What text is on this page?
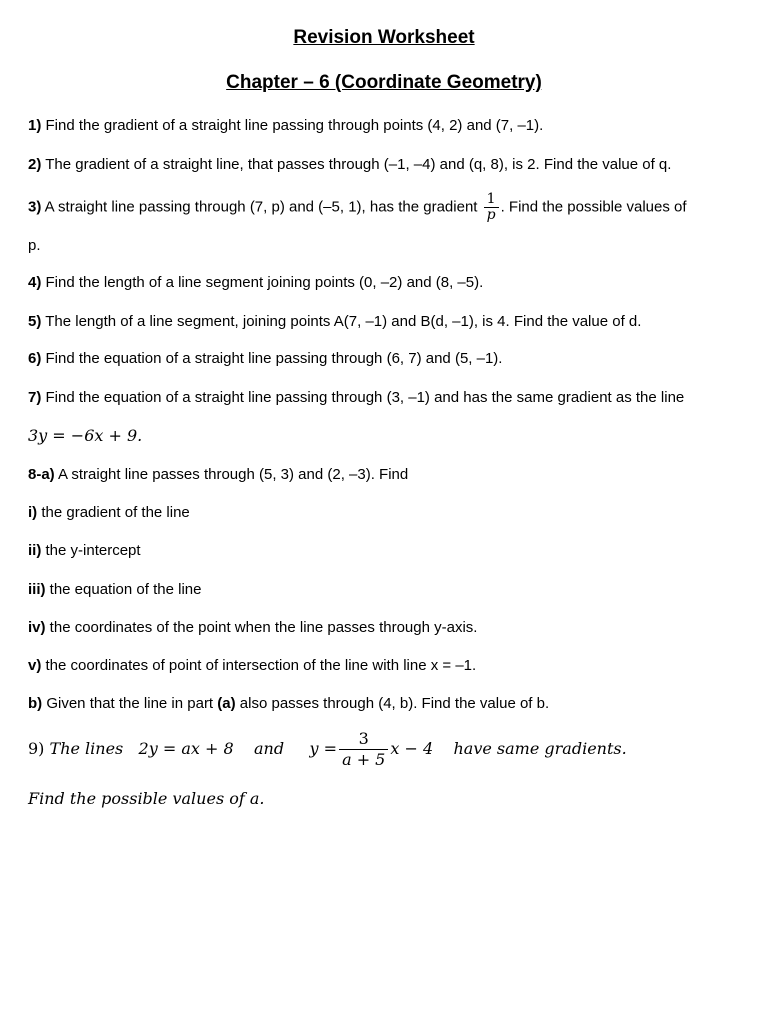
Revision Worksheet
Chapter – 6 (Coordinate Geometry)
1) Find the gradient of a straight line passing through points (4, 2) and (7, –1).
2) The gradient of a straight line, that passes through (–1, –4) and (q, 8), is 2. Find the value of q.
3) A straight line passing through (7, p) and (–5, 1), has the gradient $\frac{1}{p}$ . Find the possible values of
p.
4) Find the length of a line segment joining points (0, –2) and (8, –5).
5) The length of a line segment, joining points A(7, –1) and B(d, –1), is 4. Find the value of d.
6) Find the equation of a straight line passing through (6, 7) and (5, –1).
7) Find the equation of a straight line passing through (3, –1) and has the same gradient as the line
3y = −6x + 9.
8-a) A straight line passes through (5, 3) and (2, –3). Find
i) the gradient of the line
ii) the y-intercept
iii) the equation of the line
iv) the coordinates of the point when the line passes through y-axis.
v) the coordinates of point of intersection of the line with line x = –1.
b) Given that the line in part (a) also passes through (4, b). Find the value of b.
9) The lines 2y = ax + 8 and $y = \frac{3}{a + 5}$ x − 4 have same gradients.
Find the possible values of a.
